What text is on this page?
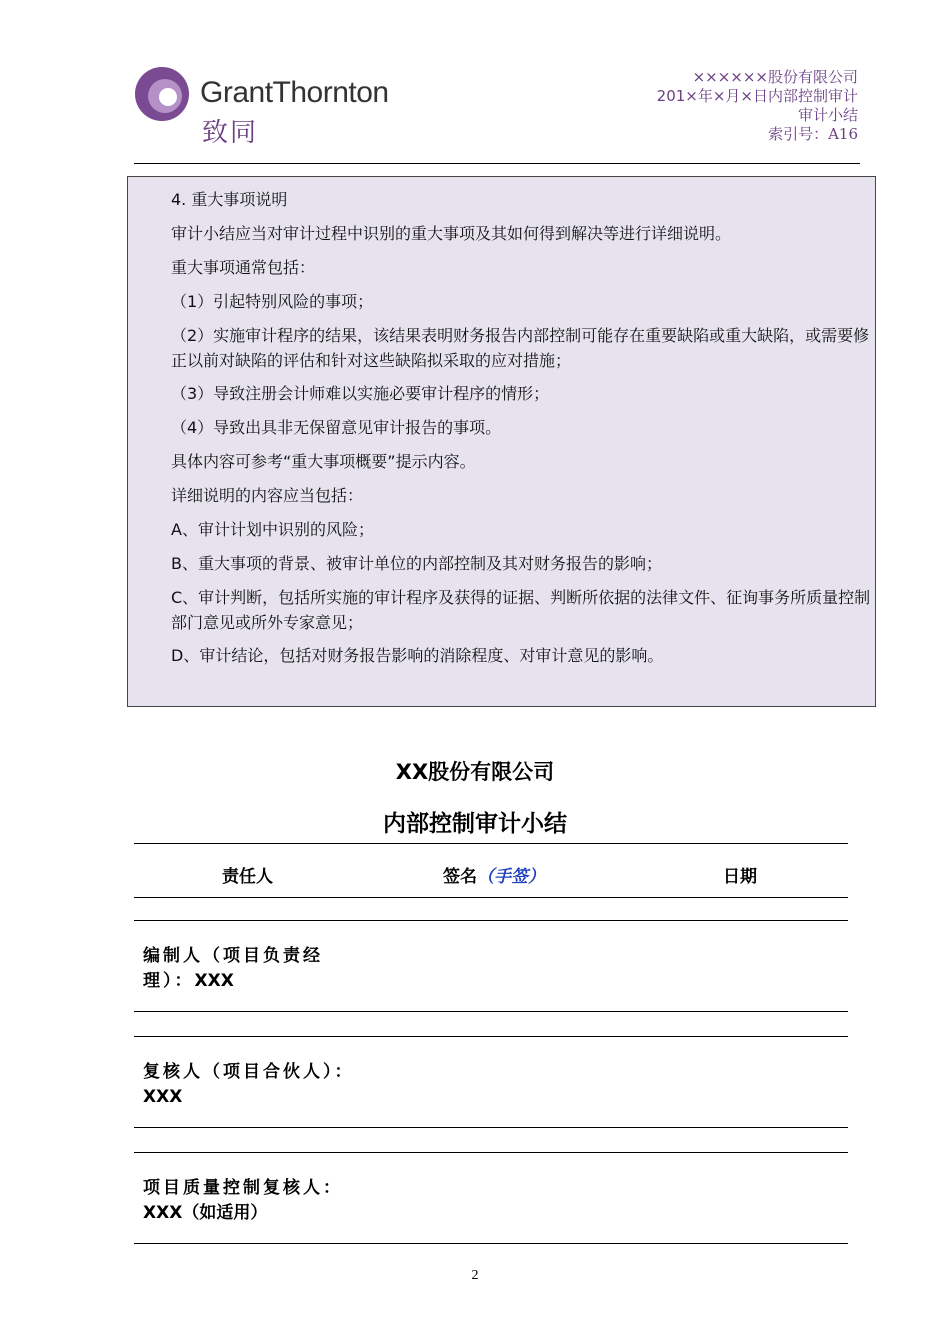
GrantThornton
致同
××××××股份有限公司
201×年×月×日内部控制审计
审计小结
索引号：A16

4. 重大事项说明

审计小结应当对审计过程中识别的重大事项及其如何得到解决等进行详细说明。

重大事项通常包括：

（1）引起特别风险的事项；

（2）实施审计程序的结果，该结果表明财务报告内部控制可能存在重要缺陷或重大缺陷，或需要修正以前对缺陷的评估和针对这些缺陷拟采取的应对措施；

（3）导致注册会计师难以实施必要审计程序的情形；

（4）导致出具非无保留意见审计报告的事项。

具体内容可参考“重大事项概要”提示内容。

详细说明的内容应当包括：

A、审计计划中识别的风险；

B、重大事项的背景、被审计单位的内部控制及其对财务报告的影响；

C、审计判断，包括所实施的审计程序及获得的证据、判断所依据的法律文件、征询事务所质量控制部门意见或所外专家意见；

D、审计结论，包括对财务报告影响的消除程度、对审计意见的影响。

XX股份有限公司
内部控制审计小结
责任人	签名（手签）	日期
编制人（项目负责经理）：XXX
复核人（项目合伙人）：
XXX
项目质量控制复核人：
XXX（如适用）
2
